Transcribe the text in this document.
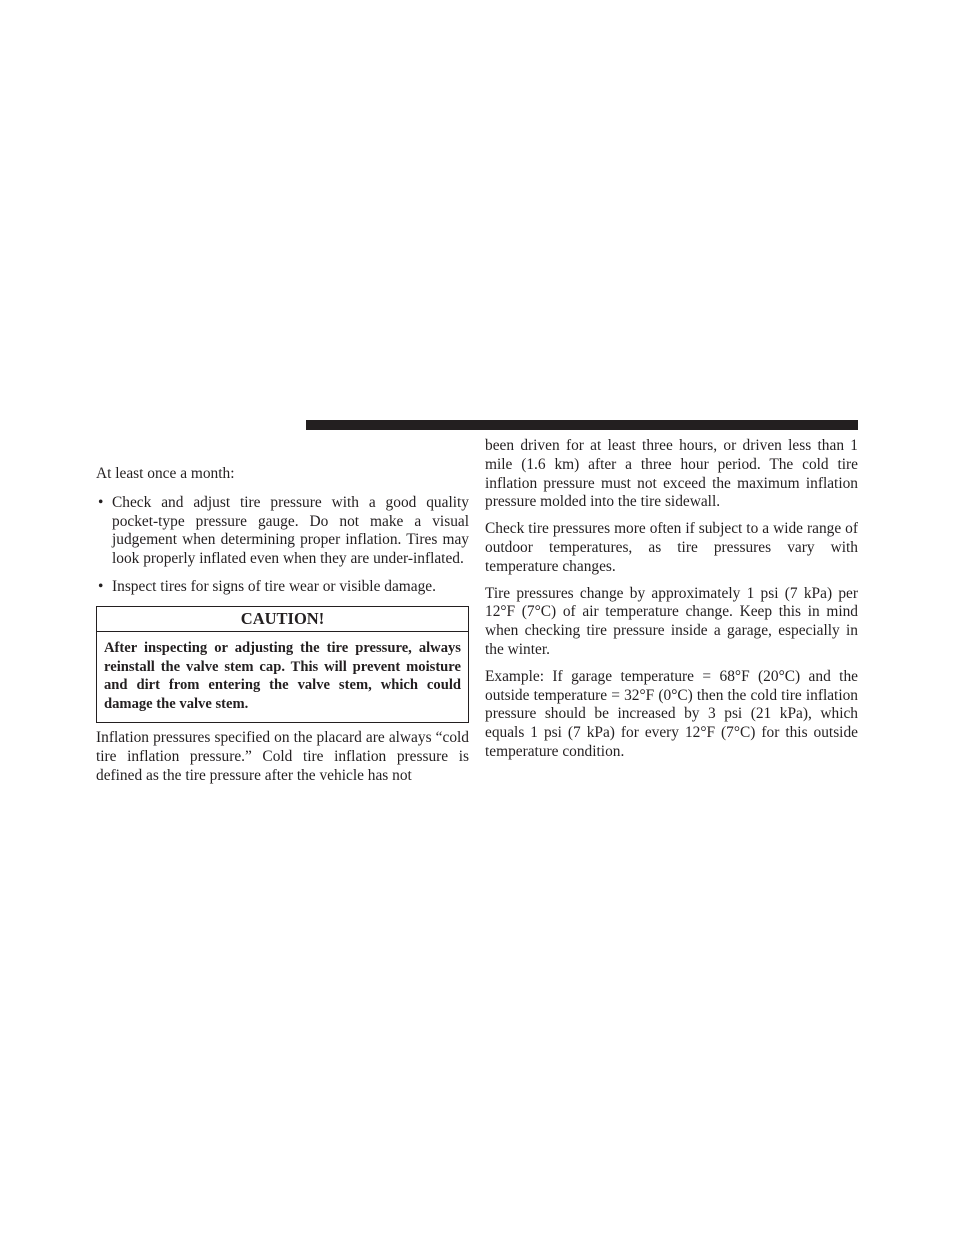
At least once a month:

• Check and adjust tire pressure with a good quality pocket-type pressure gauge. Do not make a visual judgement when determining proper inflation. Tires may look properly inflated even when they are under-inflated.
• Inspect tires for signs of tire wear or visible damage.
CAUTION!
After inspecting or adjusting the tire pressure, always reinstall the valve stem cap. This will prevent moisture and dirt from entering the valve stem, which could damage the valve stem.

Inflation pressures specified on the placard are always “cold tire inflation pressure.” Cold tire inflation pressure is defined as the tire pressure after the vehicle has not

been driven for at least three hours, or driven less than 1 mile (1.6 km) after a three hour period. The cold tire inflation pressure must not exceed the maximum inflation pressure molded into the tire sidewall.

Check tire pressures more often if subject to a wide range of outdoor temperatures, as tire pressures vary with temperature changes.

Tire pressures change by approximately 1 psi (7 kPa) per 12°F (7°C) of air temperature change. Keep this in mind when checking tire pressure inside a garage, especially in the winter.

Example: If garage temperature = 68°F (20°C) and the outside temperature = 32°F (0°C) then the cold tire inflation pressure should be increased by 3 psi (21 kPa), which equals 1 psi (7 kPa) for every 12°F (7°C) for this outside temperature condition.
